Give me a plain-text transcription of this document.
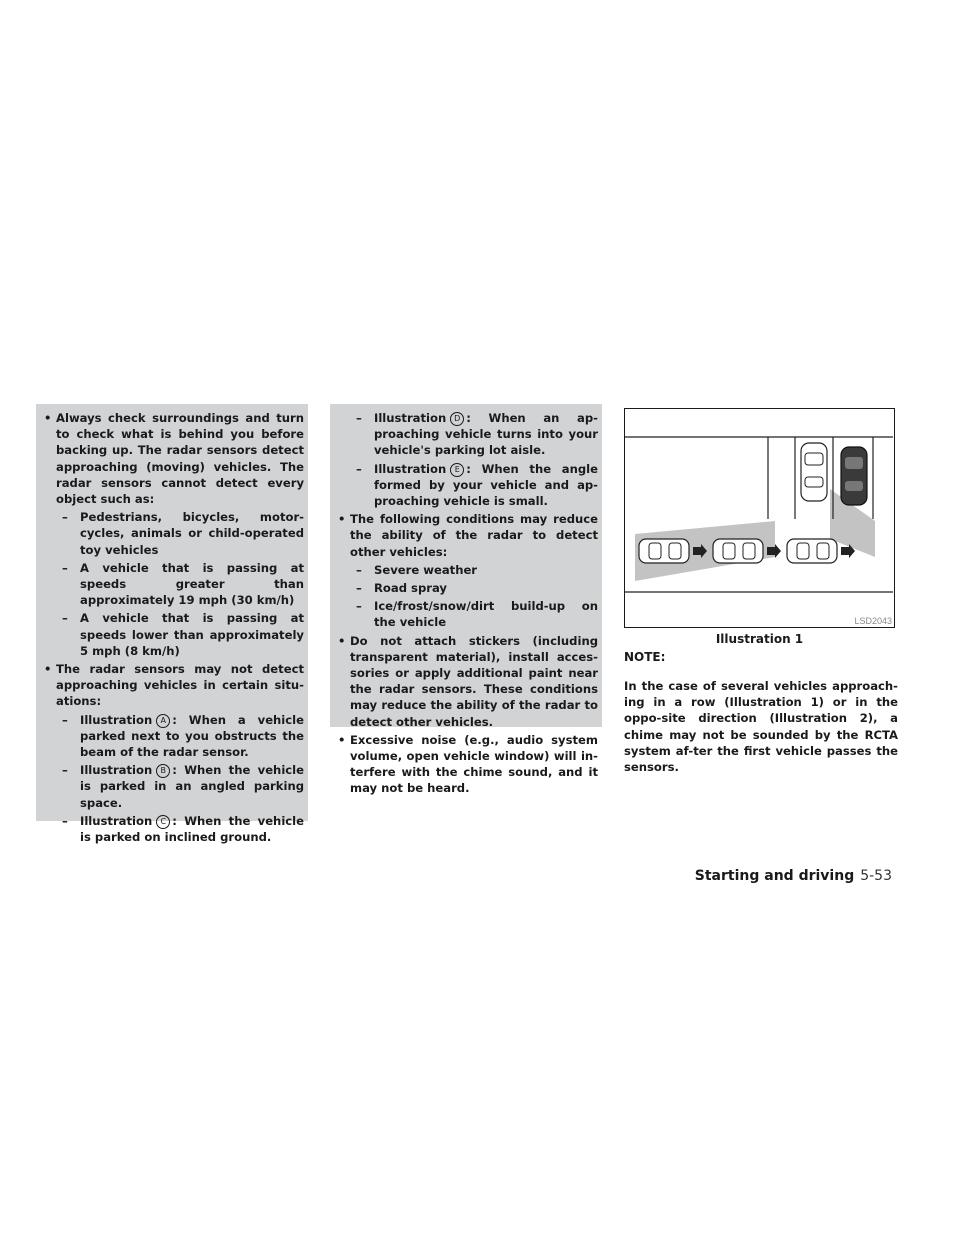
• Always check surroundings and turn to check what is behind you before backing up. The radar sensors detect approaching (moving) vehicles. The radar sensors cannot detect every object such as:
– Pedestrians, bicycles, motor-cycles, animals or child-operated toy vehicles
– A vehicle that is passing at speeds greater than approximately 19 mph (30 km/h)
– A vehicle that is passing at speeds lower than approximately 5 mph (8 km/h)
• The radar sensors may not detect approaching vehicles in certain situ-ations:
– Illustration A : When a vehicle parked next to you obstructs the beam of the radar sensor.
– Illustration B : When the vehicle is parked in an angled parking space.
– Illustration C : When the vehicle is parked on inclined ground.
– Illustration D : When an ap-proaching vehicle turns into your vehicle's parking lot aisle.
– Illustration E : When the angle formed by your vehicle and ap-proaching vehicle is small.
• The following conditions may reduce the ability of the radar to detect other vehicles:
– Severe weather
– Road spray
– Ice/frost/snow/dirt build-up on the vehicle
• Do not attach stickers (including transparent material), install acces-sories or apply additional paint near the radar sensors. These conditions may reduce the ability of the radar to detect other vehicles.
• Excessive noise (e.g., audio system volume, open vehicle window) will in-terfere with the chime sound, and it may not be heard.
LSD2043
Illustration 1
NOTE:
In the case of several vehicles approach-ing in a row (Illustration 1) or in the oppo-site direction (Illustration 2), a chime may not be sounded by the RCTA system af-ter the first vehicle passes the sensors.
Starting and driving 5-53
